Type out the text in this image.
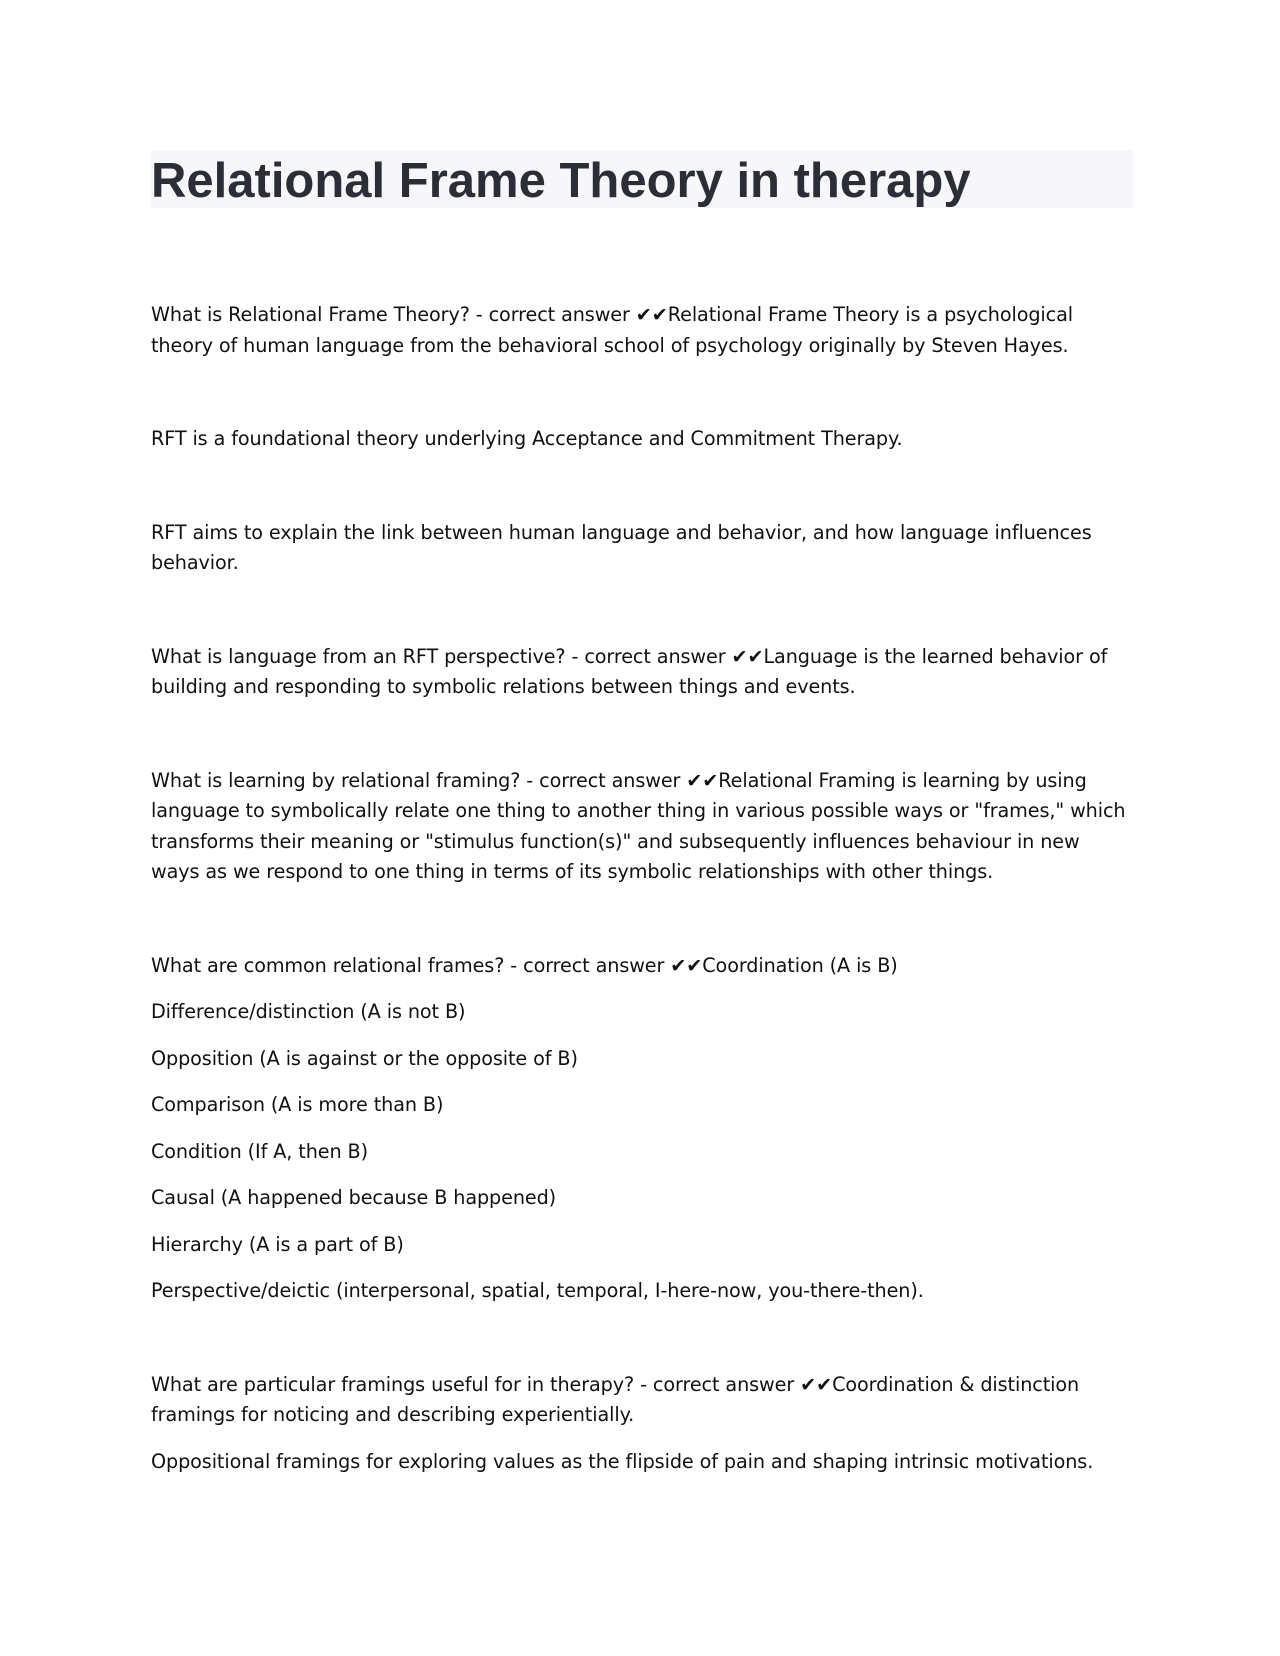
Relational Frame Theory in therapy

What is Relational Frame Theory? - correct answer ✔✔Relational Frame Theory is a psychological theory of human language from the behavioral school of psychology originally by Steven Hayes.

RFT is a foundational theory underlying Acceptance and Commitment Therapy.

RFT aims to explain the link between human language and behavior, and how language influences behavior.

What is language from an RFT perspective? - correct answer ✔✔Language is the learned behavior of building and responding to symbolic relations between things and events.

What is learning by relational framing? - correct answer ✔✔Relational Framing is learning by using language to symbolically relate one thing to another thing in various possible ways or "frames," which transforms their meaning or "stimulus function(s)" and subsequently influences behaviour in new ways as we respond to one thing in terms of its symbolic relationships with other things.

What are common relational frames? - correct answer ✔✔Coordination (A is B)

Difference/distinction (A is not B)

Opposition (A is against or the opposite of B)

Comparison (A is more than B)

Condition (If A, then B)

Causal (A happened because B happened)

Hierarchy (A is a part of B)

Perspective/deictic (interpersonal, spatial, temporal, I-here-now, you-there-then).

What are particular framings useful for in therapy? - correct answer ✔✔Coordination & distinction framings for noticing and describing experientially.

Oppositional framings for exploring values as the flipside of pain and shaping intrinsic motivations.
